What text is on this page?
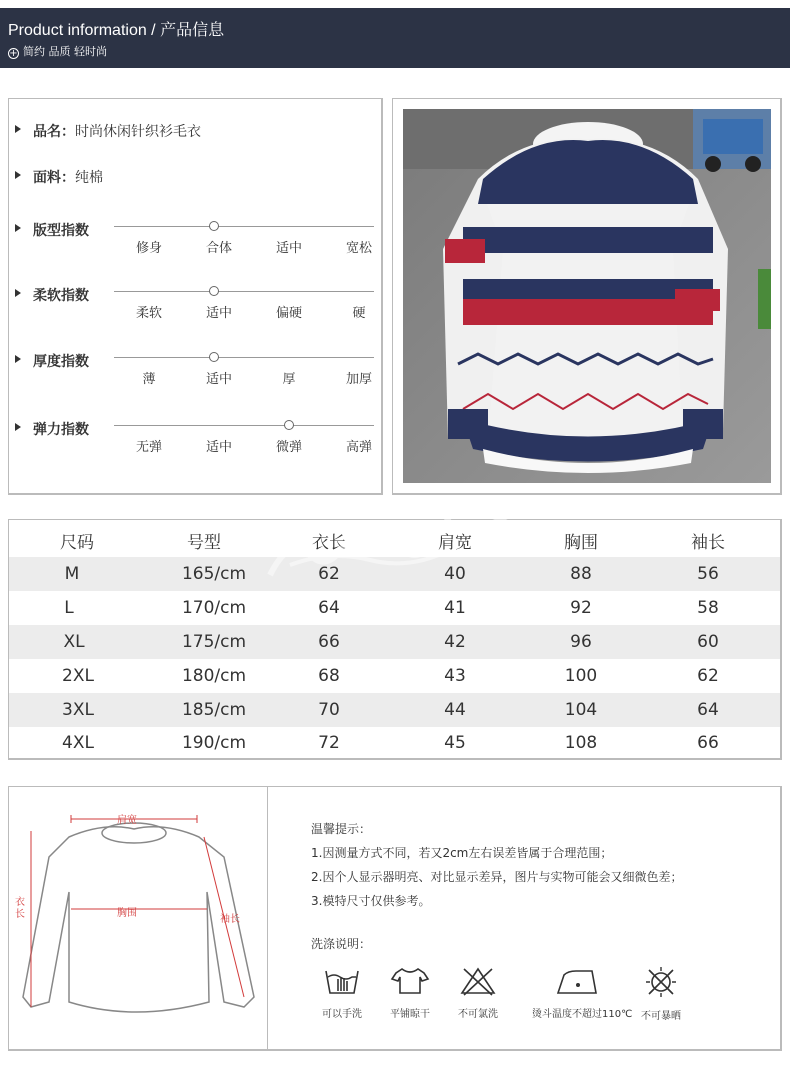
Product information / 产品信息
+ 简约 品质 轻时尚
品名：时尚休闲针织衫毛衣
面料：纯棉
版型指数
修身	合体	适中	宽松
柔软指数
柔软	适中	偏硬	硬
厚度指数
薄	适中	厚	加厚
弹力指数
无弹	适中	微弹	高弹
尺码	号型	衣长	肩宽	胸围	袖长
M	165/cm	62	40	88	56
L	170/cm	64	41	92	58
XL	175/cm	66	42	96	60
2XL	180/cm	68	43	100	62
3XL	185/cm	70	44	104	64
4XL	190/cm	72	45	108	66
肩宽
胸围
衣长	袖长
温馨提示：
1.因测量方式不同，若又2cm左右误差皆属于合理范围；
2.因个人显示器明亮、对比显示差异，图片与实物可能会又细微色差；
3.模特尺寸仅供参考。
洗涤说明：
可以手洗	平铺晾干	不可氯洗	烫斗温度不超过110℃ 不可暴晒
